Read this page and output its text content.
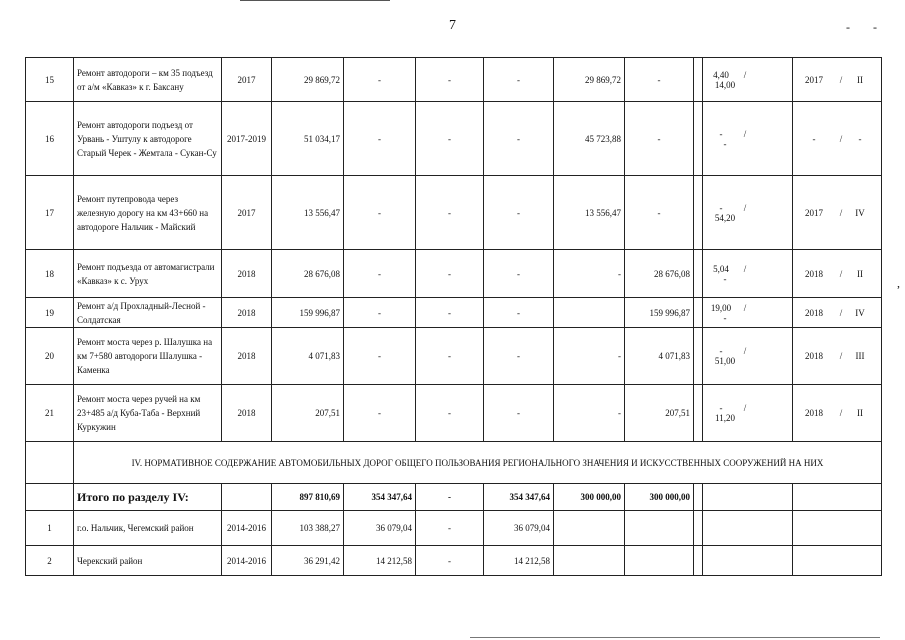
7	- -
,
15	Ремонт автодороги – км 35 подъезд от а/м «Кавказ» к г. Баксану	2017	29 869,72	-	-	-	29 869,72	-		4,40 /14,00	2017 / II
16	Ремонт автодороги подъезд от Урвань - Уштулу к автодороге Старый Черек - Жемтала - Сукан-Су	2017-2019	51 034,17	-	-	-	45 723,88	-		- /-	- / -
17	Ремонт путепровода через железную дорогу на км 43+660 на автодороге Нальчик - Майский	2017	13 556,47	-	-	-	13 556,47	-		- /54,20	2017 / IV
18	Ремонт подъезда от автомагистрали «Кавказ» к с. Урух	2018	28 676,08	-	-	-	-	28 676,08		5,04 /-	2018 / II
19	Ремонт а/д Прохладный-Лесной - Солдатская	2018	159 996,87	-	-	-		159 996,87		19,00 /-	2018 / IV
20	Ремонт моста через р. Шалушка на км 7+580 автодороги Шалушка - Каменка	2018	4 071,83	-	-	-	-	4 071,83		- /51,00	2018 / III
21	Ремонт моста через ручей на км 23+485 а/д Куба-Таба - Верхний Куркужин	2018	207,51	-	-	-	-	207,51		- /11,20	2018 / II
	IV. НОРМАТИВНОЕ СОДЕРЖАНИЕ АВТОМОБИЛЬНЫХ ДОРОГ ОБЩЕГО ПОЛЬЗОВАНИЯ РЕГИОНАЛЬНОГО ЗНАЧЕНИЯ И ИСКУССТВЕННЫХ СООРУЖЕНИЙ НА НИХ										
	Итого по разделу IV:		897 810,69	354 347,64	-	354 347,64	300 000,00	300 000,00			
1	г.о. Нальчик, Чегемский район	2014-2016	103 388,27	36 079,04	-	36 079,04					
2	Черекский район	2014-2016	36 291,42	14 212,58	-	14 212,58					
